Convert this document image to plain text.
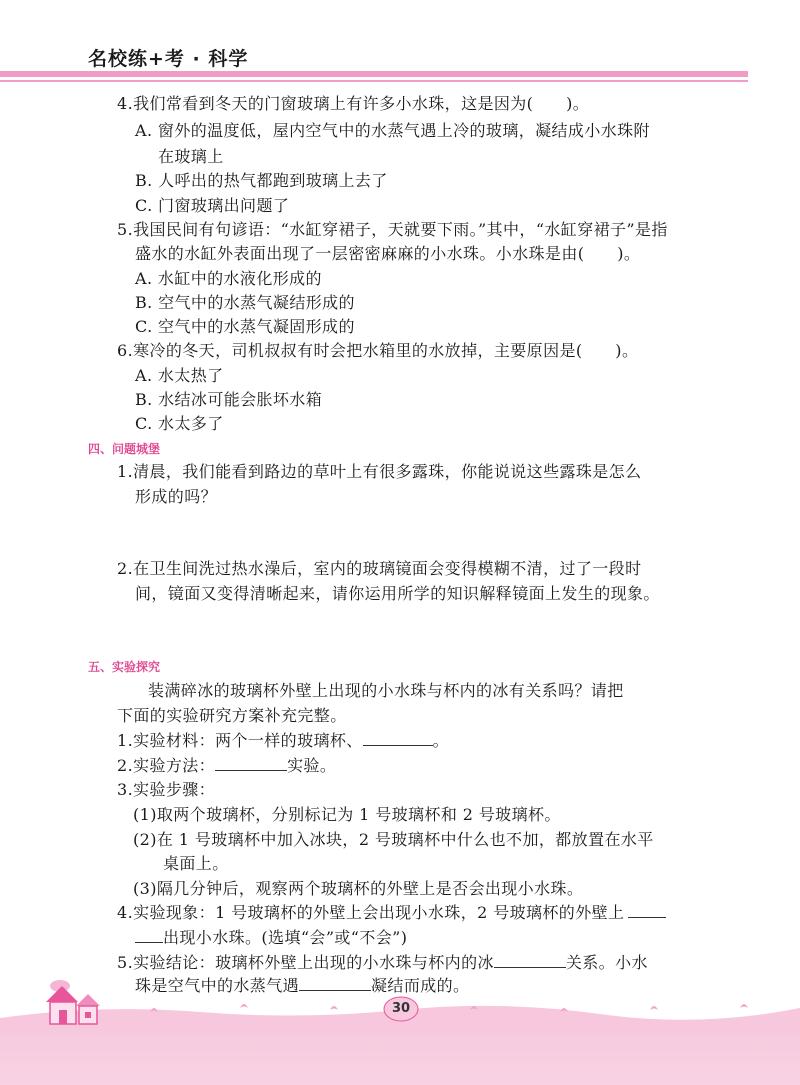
名校练+考 · 科学
4.我们常看到冬天的门窗玻璃上有许多小水珠，这是因为(　　)。
A. 窗外的温度低，屋内空气中的水蒸气遇上冷的玻璃，凝结成小水珠附
在玻璃上
B. 人呼出的热气都跑到玻璃上去了
C. 门窗玻璃出问题了
5.我国民间有句谚语：“水缸穿裙子，天就要下雨。”其中，“水缸穿裙子”是指
盛水的水缸外表面出现了一层密密麻麻的小水珠。小水珠是由(　　)。
A. 水缸中的水液化形成的
B. 空气中的水蒸气凝结形成的
C. 空气中的水蒸气凝固形成的
6.寒冷的冬天，司机叔叔有时会把水箱里的水放掉，主要原因是(　　)。
A. 水太热了
B. 水结冰可能会胀坏水箱
C. 水太多了
四、问题城堡
1.清晨，我们能看到路边的草叶上有很多露珠，你能说说这些露珠是怎么
形成的吗？
2.在卫生间洗过热水澡后，室内的玻璃镜面会变得模糊不清，过了一段时
间，镜面又变得清晰起来，请你运用所学的知识解释镜面上发生的现象。
五、实验探究
装满碎冰的玻璃杯外壁上出现的小水珠与杯内的冰有关系吗？请把
下面的实验研究方案补充完整。
1.实验材料：两个一样的玻璃杯、	。
2.实验方法：	实验。
3.实验步骤：
(1)取两个玻璃杯，分别标记为 1 号玻璃杯和 2 号玻璃杯。
(2)在 1 号玻璃杯中加入冰块，2 号玻璃杯中什么也不加，都放置在水平
桌面上。
(3)隔几分钟后，观察两个玻璃杯的外壁上是否会出现小水珠。
4.实验现象：1 号玻璃杯的外壁上会出现小水珠，2 号玻璃杯的外壁上
出现小水珠。(选填“会”或“不会”)
5.实验结论：玻璃杯外壁上出现的小水珠与杯内的冰	关系。小水
珠是空气中的水蒸气遇	凝结而成的。
30
